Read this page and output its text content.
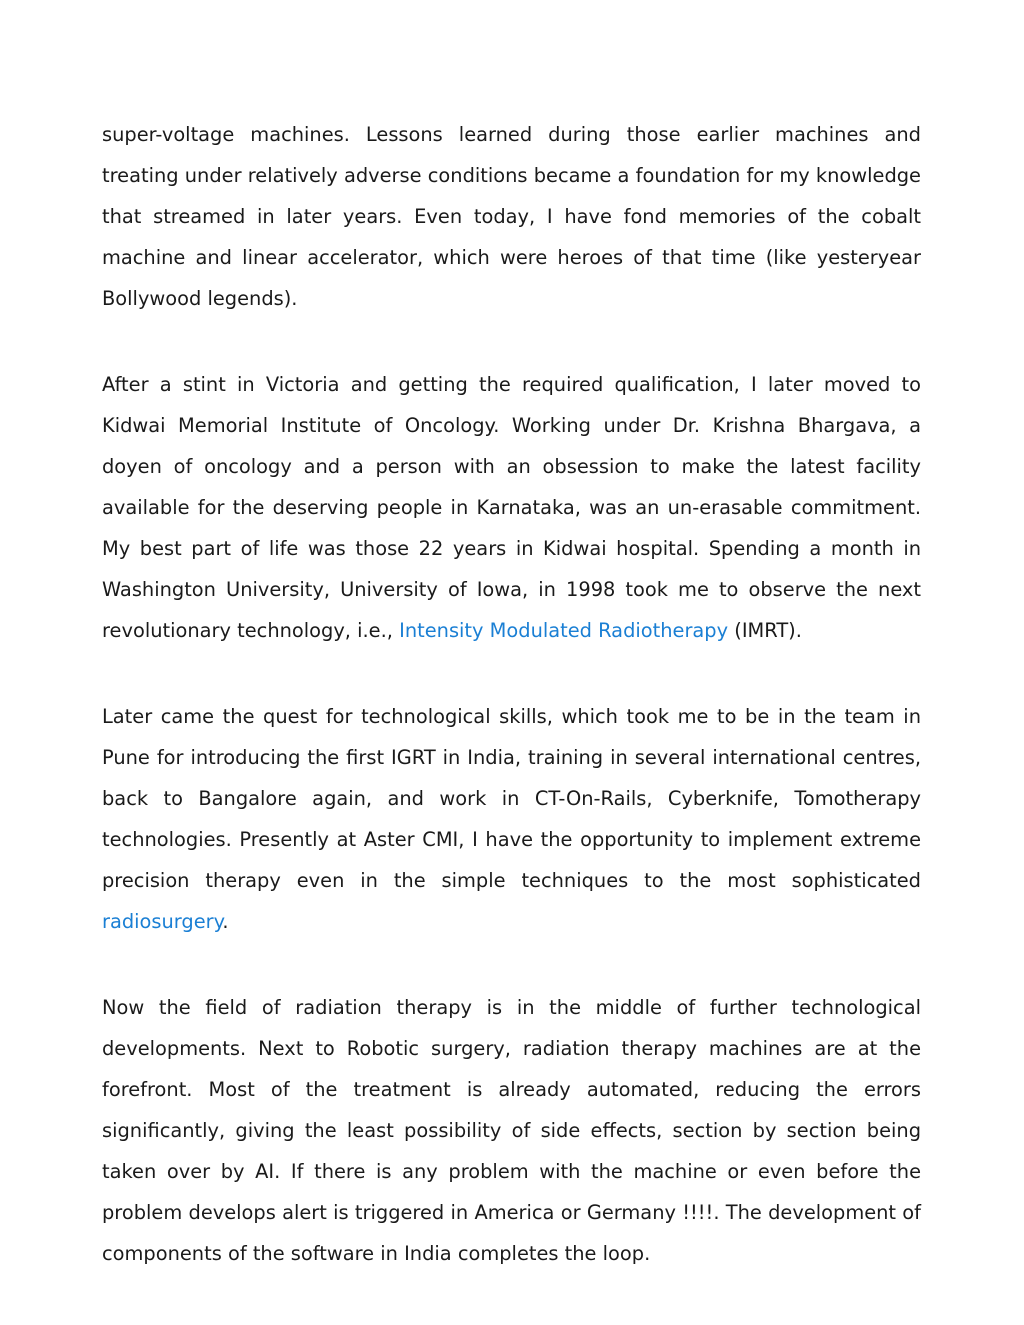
super-voltage machines. Lessons learned during those earlier machines and treating under relatively adverse conditions became a foundation for my knowledge that streamed in later years. Even today, I have fond memories of the cobalt machine and linear accelerator, which were heroes of that time (like yesteryear Bollywood legends).

After a stint in Victoria and getting the required qualification, I later moved to Kidwai Memorial Institute of Oncology. Working under Dr. Krishna Bhargava, a doyen of oncology and a person with an obsession to make the latest facility available for the deserving people in Karnataka, was an un-erasable commitment. My best part of life was those 22 years in Kidwai hospital. Spending a month in Washington University, University of Iowa, in 1998 took me to observe the next revolutionary technology, i.e., Intensity Modulated Radiotherapy (IMRT).

Later came the quest for technological skills, which took me to be in the team in Pune for introducing the first IGRT in India, training in several international centres, back to Bangalore again, and work in CT-On-Rails, Cyberknife, Tomotherapy technologies. Presently at Aster CMI, I have the opportunity to implement extreme precision therapy even in the simple techniques to the most sophisticated radiosurgery.

Now the field of radiation therapy is in the middle of further technological developments. Next to Robotic surgery, radiation therapy machines are at the forefront. Most of the treatment is already automated, reducing the errors significantly, giving the least possibility of side effects, section by section being taken over by AI. If there is any problem with the machine or even before the problem develops alert is triggered in America or Germany !!!!. The development of components of the software in India completes the loop.
